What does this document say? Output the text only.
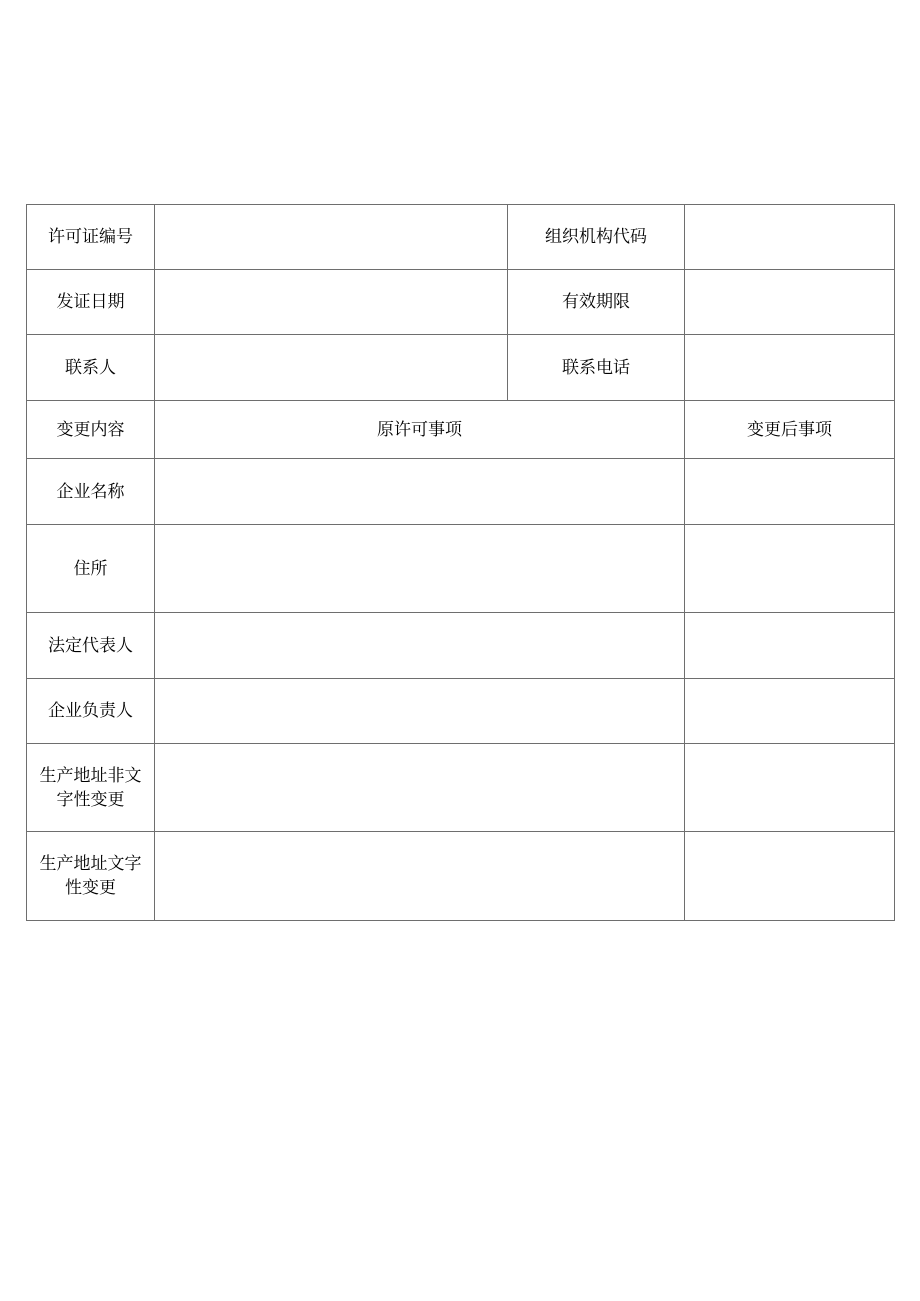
许可证编号		组织机构代码	
发证日期		有效期限	
联系人		联系电话	
变更内容	原许可事项		变更后事项
企业名称			
住所			
法定代表人			
企业负责人			
生产地址非文字性变更			
生产地址文字性变更			
